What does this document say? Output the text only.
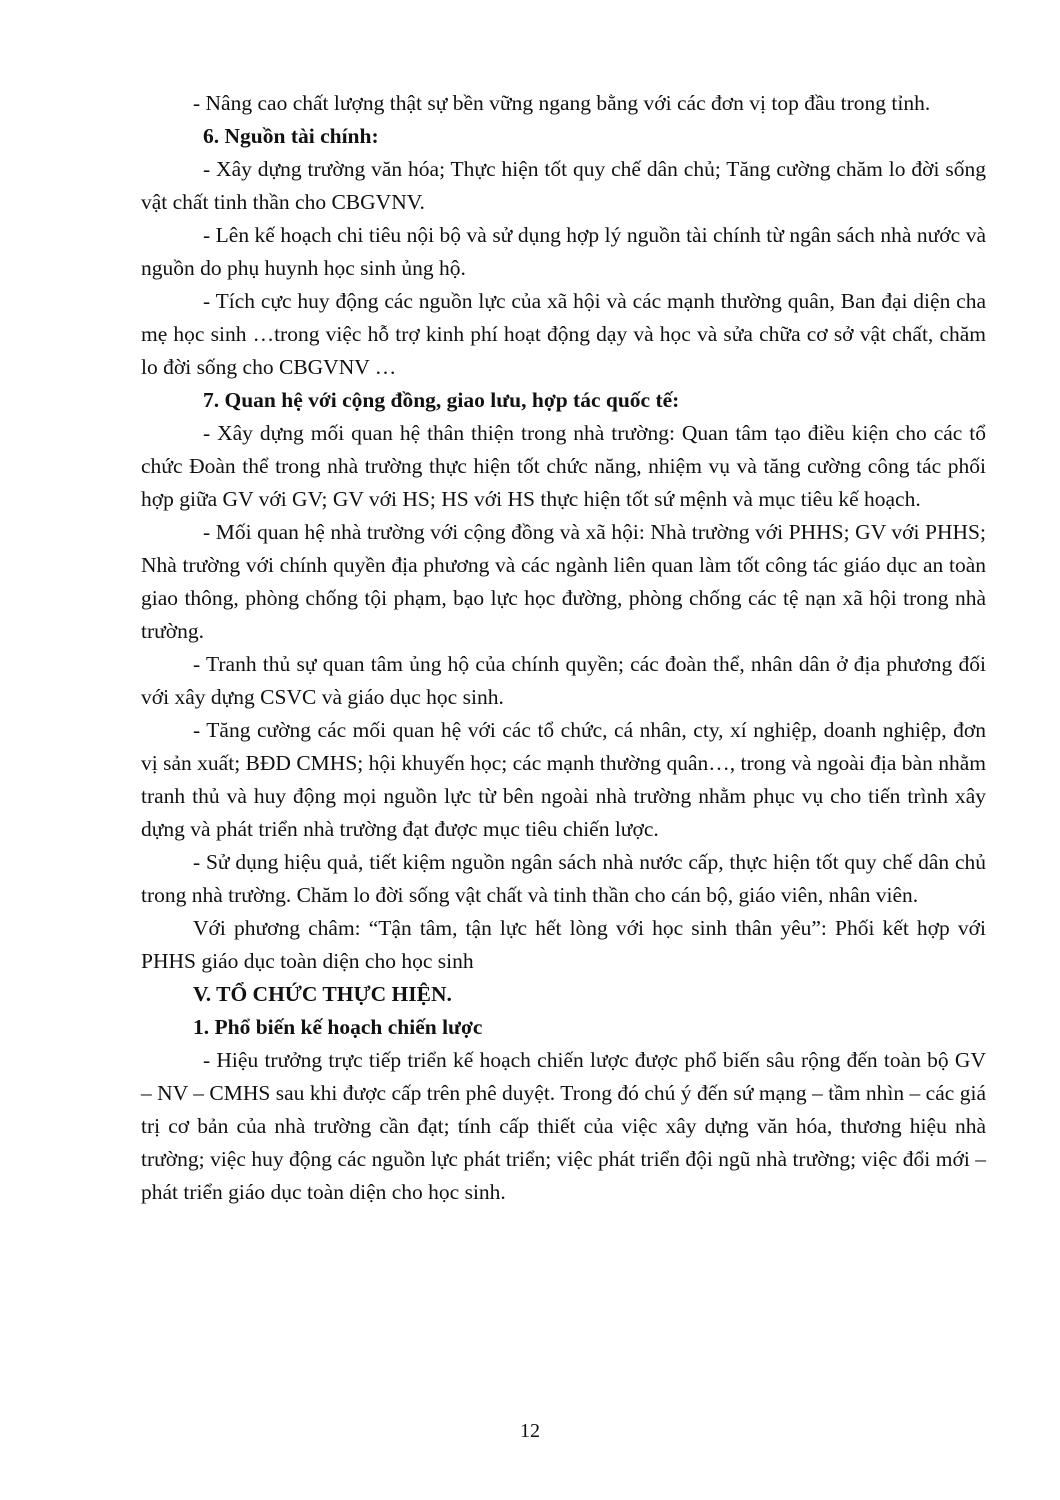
- Nâng cao chất lượng thật sự bền vững ngang bằng với các đơn vị top đầu trong tỉnh.

6. Nguồn tài chính:

- Xây dựng trường văn hóa; Thực hiện tốt quy chế dân chủ; Tăng cường chăm lo đời sống vật chất tinh thần cho CBGVNV.

- Lên kế hoạch chi tiêu nội bộ và sử dụng hợp lý nguồn tài chính từ ngân sách nhà nước và nguồn do phụ huynh học sinh ủng hộ.

- Tích cực huy động các nguồn lực của xã hội và các mạnh thường quân, Ban đại diện cha mẹ học sinh …trong việc hỗ trợ kinh phí hoạt động dạy và học và sửa chữa cơ sở vật chất, chăm lo đời sống cho CBGVNV …

7. Quan hệ với cộng đồng, giao lưu, hợp tác quốc tế:

- Xây dựng mối quan hệ thân thiện trong nhà trường: Quan tâm tạo điều kiện cho các tổ chức Đoàn thể trong nhà trường thực hiện tốt chức năng, nhiệm vụ và tăng cường công tác phối hợp giữa GV với GV; GV với HS; HS với HS thực hiện tốt sứ mệnh và mục tiêu kế hoạch.

- Mối quan hệ nhà trường với cộng đồng và xã hội: Nhà trường với PHHS; GV với PHHS; Nhà trường với chính quyền địa phương và các ngành liên quan làm tốt công tác giáo dục an toàn giao thông, phòng chống tội phạm, bạo lực học đường, phòng chống các tệ nạn xã hội trong nhà trường.

- Tranh thủ sự quan tâm ủng hộ của chính quyền; các đoàn thể, nhân dân ở địa phương đối với xây dựng CSVC và giáo dục học sinh.

- Tăng cường các mối quan hệ với các tổ chức, cá nhân, cty, xí nghiệp, doanh nghiệp, đơn vị sản xuất; BĐD CMHS; hội khuyến học; các mạnh thường quân…, trong và ngoài địa bàn nhằm tranh thủ và huy động mọi nguồn lực từ bên ngoài nhà trường nhằm phục vụ cho tiến trình xây dựng và phát triển nhà trường đạt được mục tiêu chiến lược.

- Sử dụng hiệu quả, tiết kiệm nguồn ngân sách nhà nước cấp, thực hiện tốt quy chế dân chủ trong nhà trường. Chăm lo đời sống vật chất và tinh thần cho cán bộ, giáo viên, nhân viên.

Với phương châm: “Tận tâm, tận lực hết lòng với học sinh thân yêu”: Phối kết hợp với PHHS giáo dục toàn diện cho học sinh

V. TỔ CHỨC THỰC HIỆN.

1. Phổ biến kế hoạch chiến lược

- Hiệu trưởng trực tiếp triển kế hoạch chiến lược được phổ biến sâu rộng đến toàn bộ GV – NV – CMHS sau khi được cấp trên phê duyệt. Trong đó chú ý đến sứ mạng – tầm nhìn – các giá trị cơ bản của nhà trường cần đạt; tính cấp thiết của việc xây dựng văn hóa, thương hiệu nhà trường; việc huy động các nguồn lực phát triển; việc phát triển đội ngũ nhà trường; việc đổi mới – phát triển giáo dục toàn diện cho học sinh.

12
